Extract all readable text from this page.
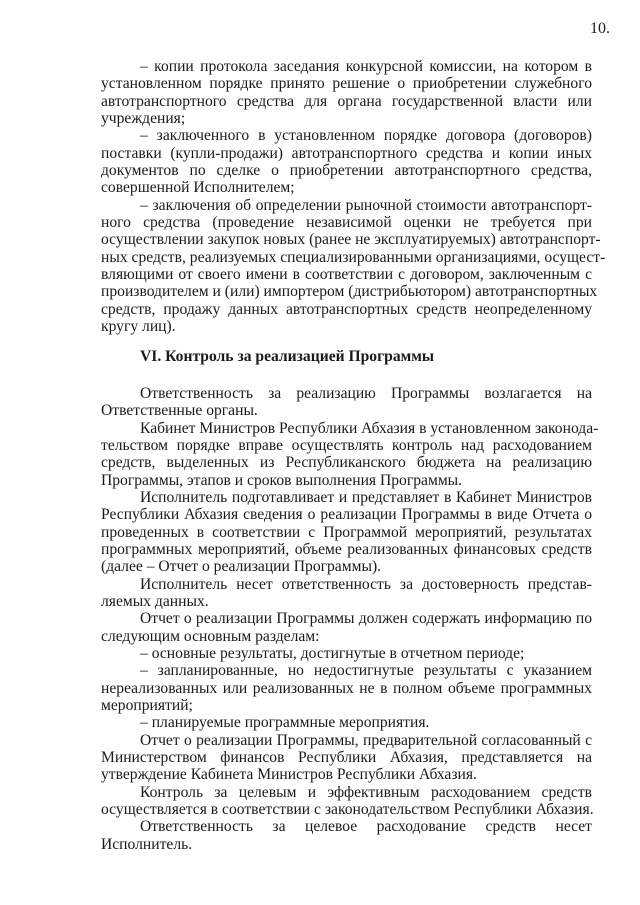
10.
– копии протокола заседания конкурсной комиссии, на котором в
установленном порядке принято решение о приобретении служебного
автотранспортного средства для органа государственной власти или
учреждения;
– заключенного в установленном порядке договора (договоров)
поставки (купли-продажи) автотранспортного средства и копии иных
документов по сделке о приобретении автотранспортного средства,
совершенной Исполнителем;
– заключения об определении рыночной стоимости автотранспорт-
ного средства (проведение независимой оценки не требуется при
осуществлении закупок новых (ранее не эксплуатируемых) автотранспорт-
ных средств, реализуемых специализированными организациями, осущест-
вляющими от своего имени в соответствии с договором, заключенным с
производителем и (или) импортером (дистрибьютором) автотранспортных
средств, продажу данных автотранспортных средств неопределенному
кругу лиц).
VI. Контроль за реализацией Программы
Ответственность за реализацию Программы возлагается на
Ответственные органы.
Кабинет Министров Республики Абхазия в установленном законода-
тельством порядке вправе осуществлять контроль над расходованием
средств, выделенных из Республиканского бюджета на реализацию
Программы, этапов и сроков выполнения Программы.
Исполнитель подготавливает и представляет в Кабинет Министров
Республики Абхазия сведения о реализации Программы в виде Отчета о
проведенных в соответствии с Программой мероприятий, результатах
программных мероприятий, объеме реализованных финансовых средств
(далее – Отчет о реализации Программы).
Исполнитель несет ответственность за достоверность представ-
ляемых данных.
Отчет о реализации Программы должен содержать информацию по
следующим основным разделам:
– основные результаты, достигнутые в отчетном периоде;
– запланированные, но недостигнутые результаты с указанием
нереализованных или реализованных не в полном объеме программных
мероприятий;
– планируемые программные мероприятия.
Отчет о реализации Программы, предварительной согласованный с
Министерством финансов Республики Абхазия, представляется на
утверждение Кабинета Министров Республики Абхазия.
Контроль за целевым и эффективным расходованием средств
осуществляется в соответствии с законодательством Республики Абхазия.
Ответственность за целевое расходование средств несет
Исполнитель.
